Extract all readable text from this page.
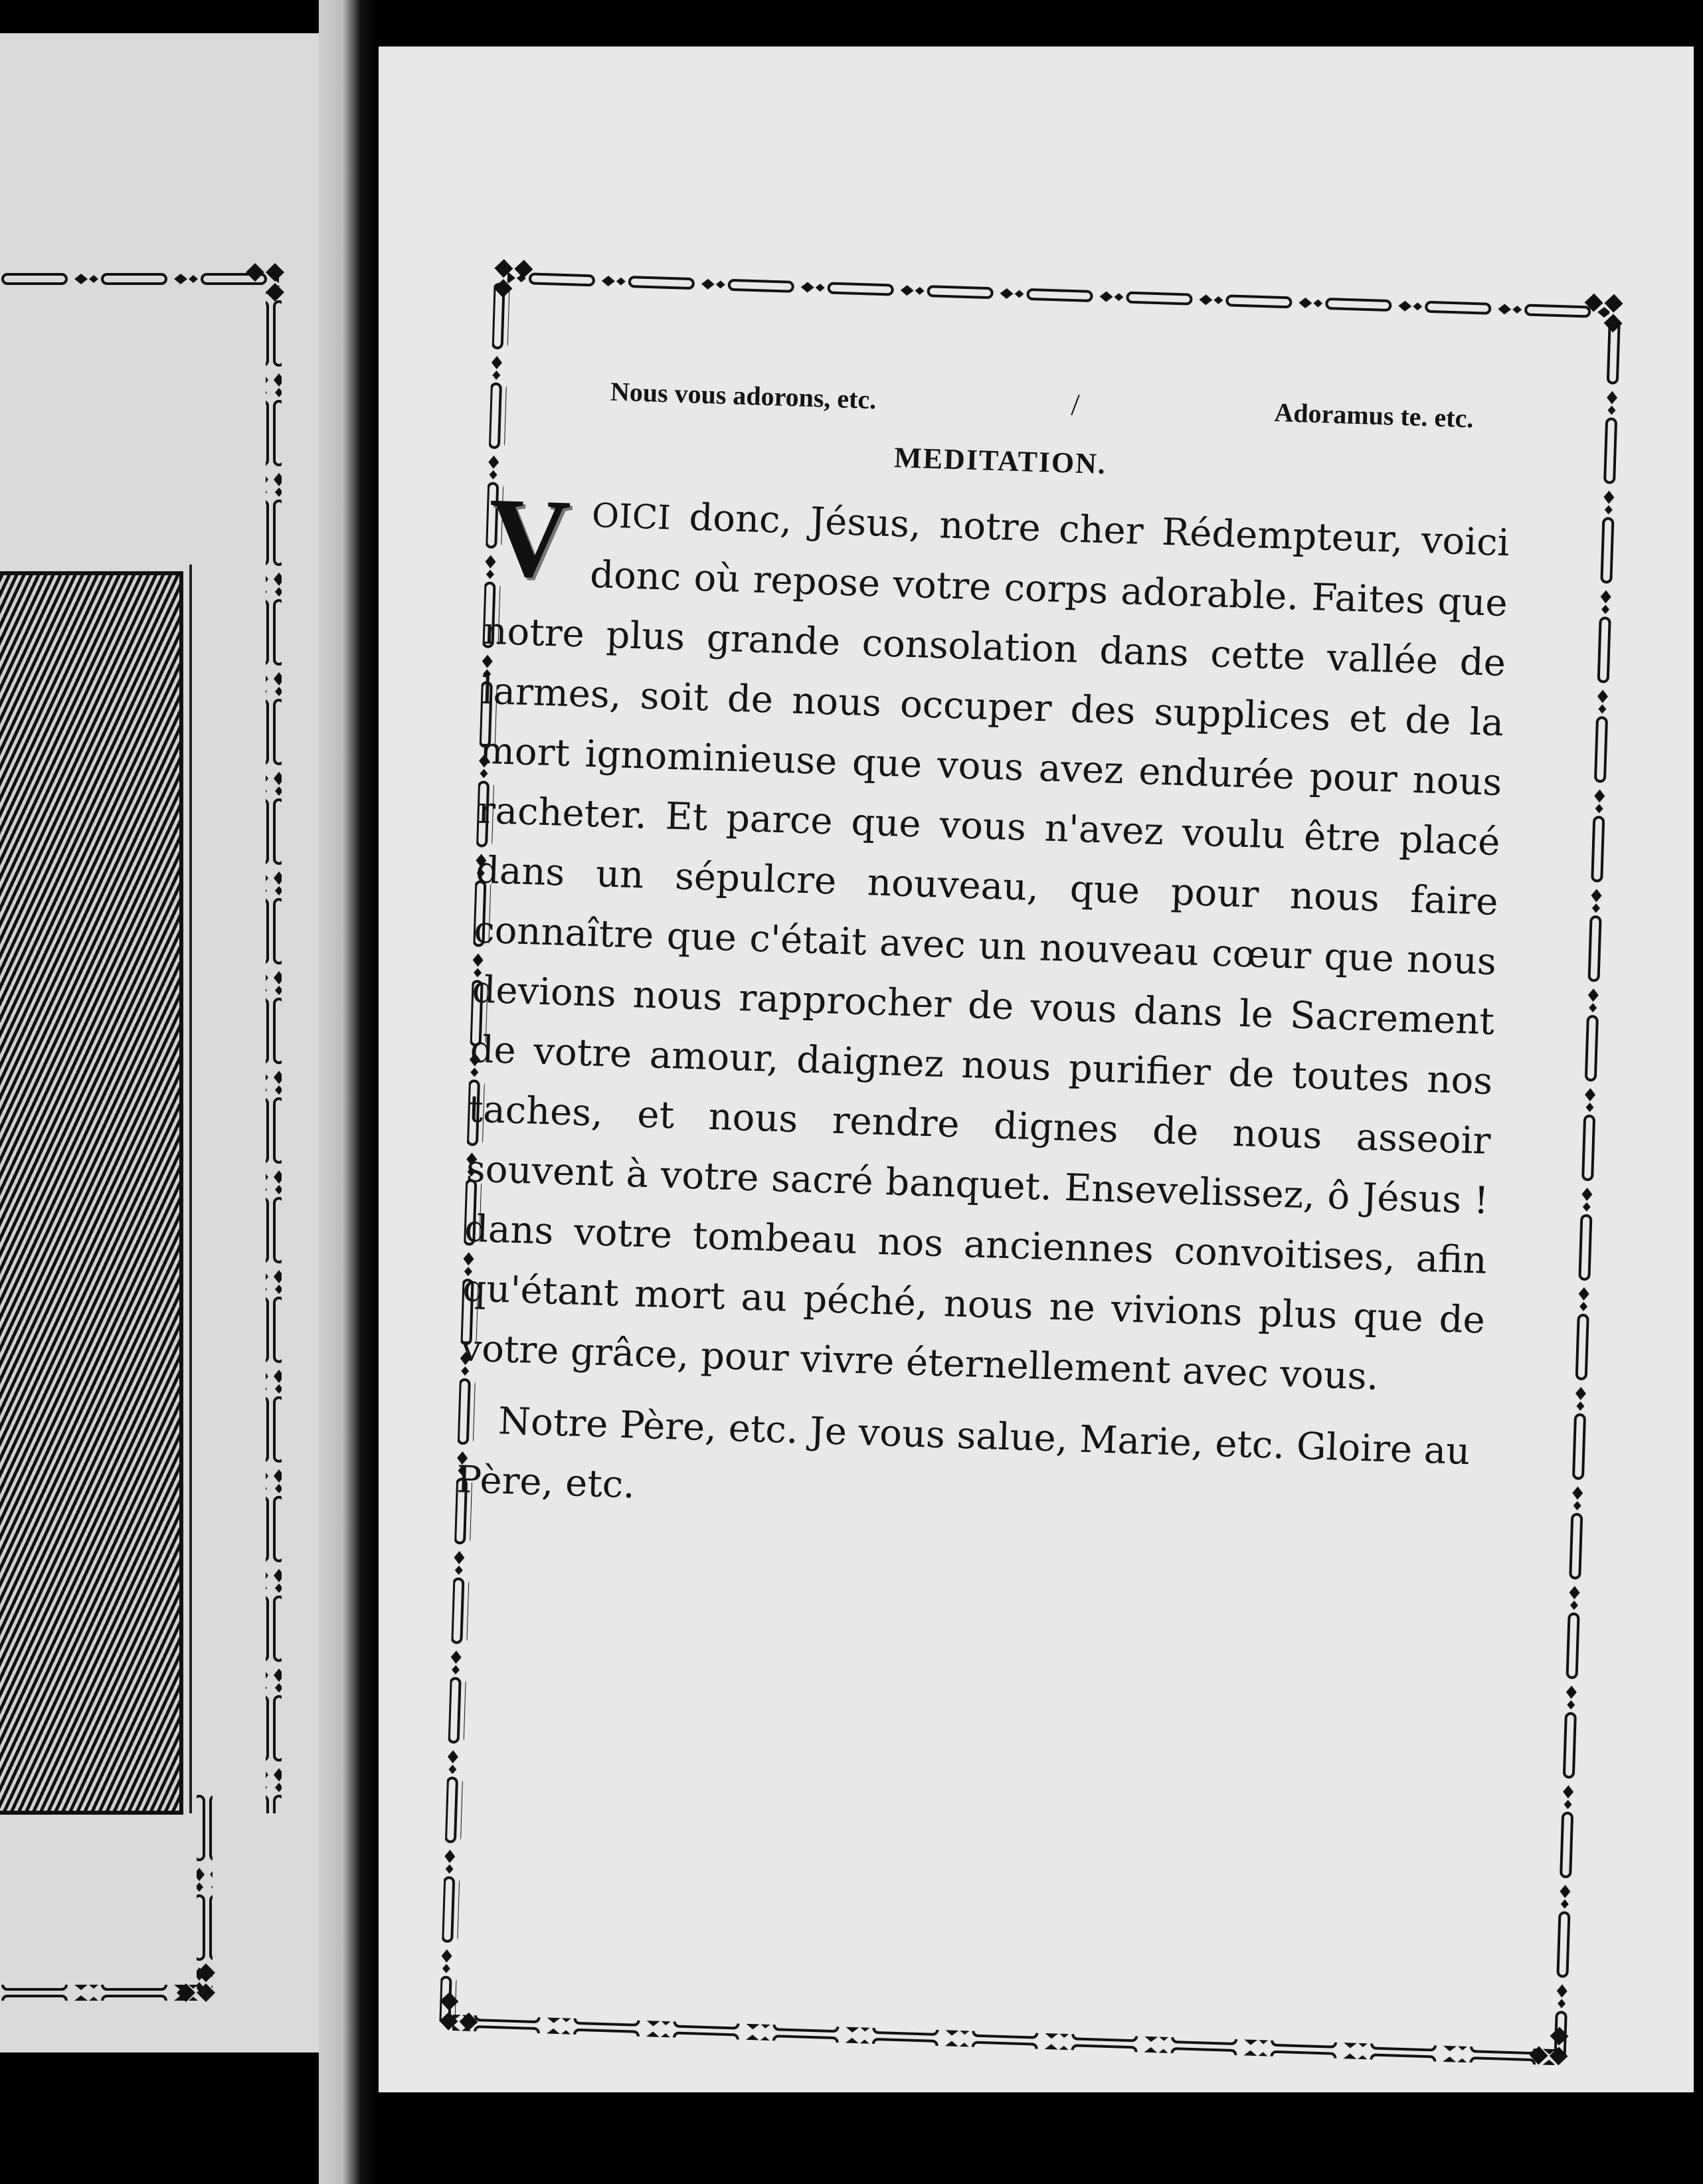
Nous vous adorons, etc.	/	Adoramus te. etc.
MEDITATION.

VOICI donc, Jésus, notre cher Rédempteur, voici donc où repose votre corps adorable. Faites que notre plus grande consolation dans cette vallée de larmes, soit de nous occuper des supplices et de la mort ignominieuse que vous avez endurée pour nous racheter. Et parce que vous n'avez voulu être placé dans un sépulcre nouveau, que pour nous faire connaître que c'était avec un nouveau cœur que nous devions nous rapprocher de vous dans le Sacrement de votre amour, daignez nous purifier de toutes nos taches, et nous rendre dignes de nous asseoir souvent à votre sacré banquet. Ensevelissez, ô Jésus ! dans votre tombeau nos anciennes convoitises, afin qu'étant mort au péché, nous ne vivions plus que de votre grâce, pour vivre éternellement avec vous.

Notre Père, etc. Je vous salue, Marie, etc. Gloire au Père, etc.
